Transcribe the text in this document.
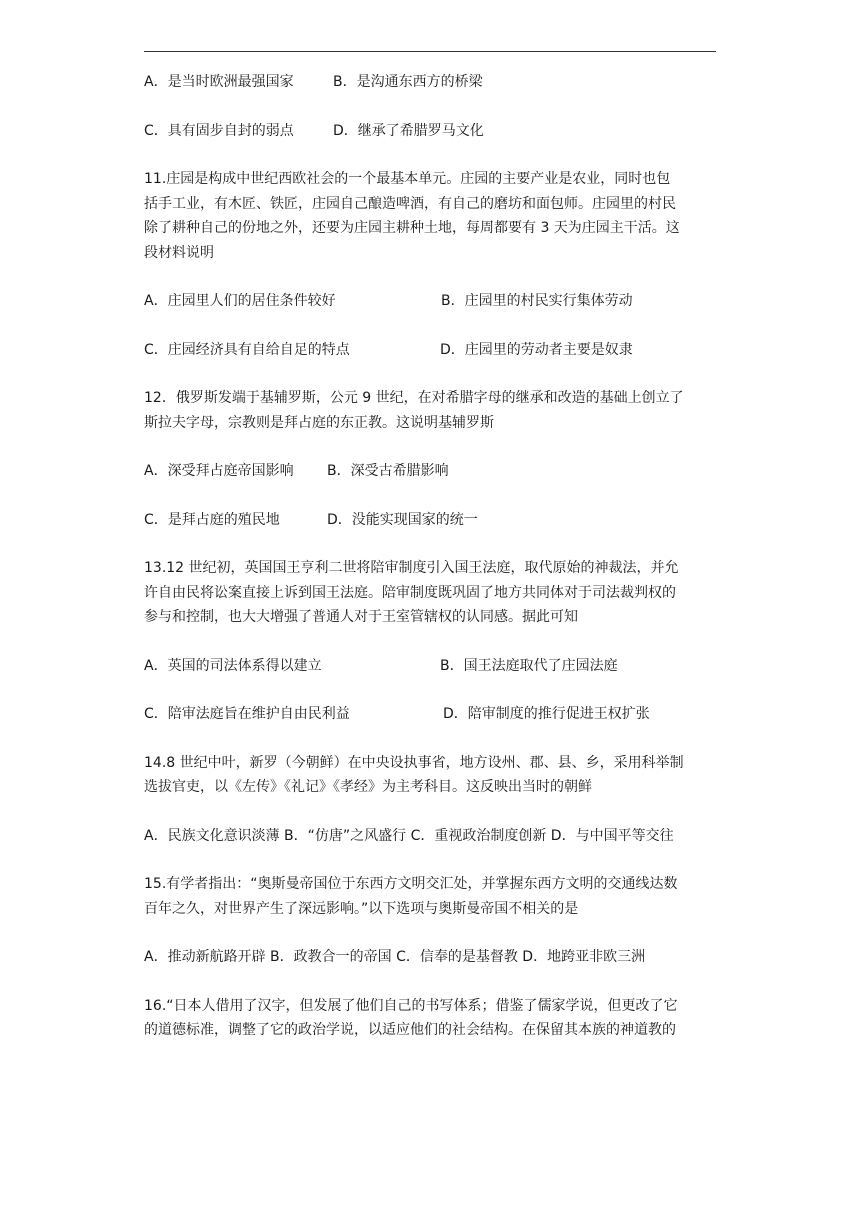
A．是当时欧洲最强国家	B．是沟通东西方的桥梁
C．具有固步自封的弱点	D．继承了希腊罗马文化
11.庄园是构成中世纪西欧社会的一个最基本单元。庄园的主要产业是农业，同时也包
括手工业，有木匠、铁匠，庄园自己酿造啤酒，有自己的磨坊和面包师。庄园里的村民
除了耕种自己的份地之外，还要为庄园主耕种土地，每周都要有 3 天为庄园主干活。这
段材料说明
A．庄园里人们的居住条件较好	B．庄园里的村民实行集体劳动
C．庄园经济具有自给自足的特点	D．庄园里的劳动者主要是奴隶
12．俄罗斯发端于基辅罗斯，公元 9 世纪，在对希腊字母的继承和改造的基础上创立了
斯拉夫字母，宗教则是拜占庭的东正教。这说明基辅罗斯
A．深受拜占庭帝国影响 B．深受古希腊影响
C．是拜占庭的殖民地	D．没能实现国家的统一
13.12 世纪初，英国国王亨利二世将陪审制度引入国王法庭，取代原始的神裁法，并允
许自由民将讼案直接上诉到国王法庭。陪审制度既巩固了地方共同体对于司法裁判权的
参与和控制，也大大增强了普通人对于王室管辖权的认同感。据此可知
A．英国的司法体系得以建立	B．国王法庭取代了庄园法庭
C．陪审法庭旨在维护自由民利益	D．陪审制度的推行促进王权扩张
14.8 世纪中叶，新罗（今朝鲜）在中央设执事省，地方设州、郡、县、乡，采用科举制
选拔官吏，以《左传》《礼记》《孝经》为主考科目。这反映出当时的朝鲜
A．民族文化意识淡薄 B．“仿唐”之风盛行 C．重视政治制度创新 D．与中国平等交往
15.有学者指出：“奥斯曼帝国位于东西方文明交汇处，并掌握东西方文明的交通线达数
百年之久，对世界产生了深远影响。”以下选项与奥斯曼帝国不相关的是
A．推动新航路开辟 B．政教合一的帝国 C．信奉的是基督教 D．地跨亚非欧三洲
16.“日本人借用了汉字，但发展了他们自己的书写体系；借鉴了儒家学说，但更改了它
的道德标准，调整了它的政治学说，以适应他们的社会结构。在保留其本族的神道教的
